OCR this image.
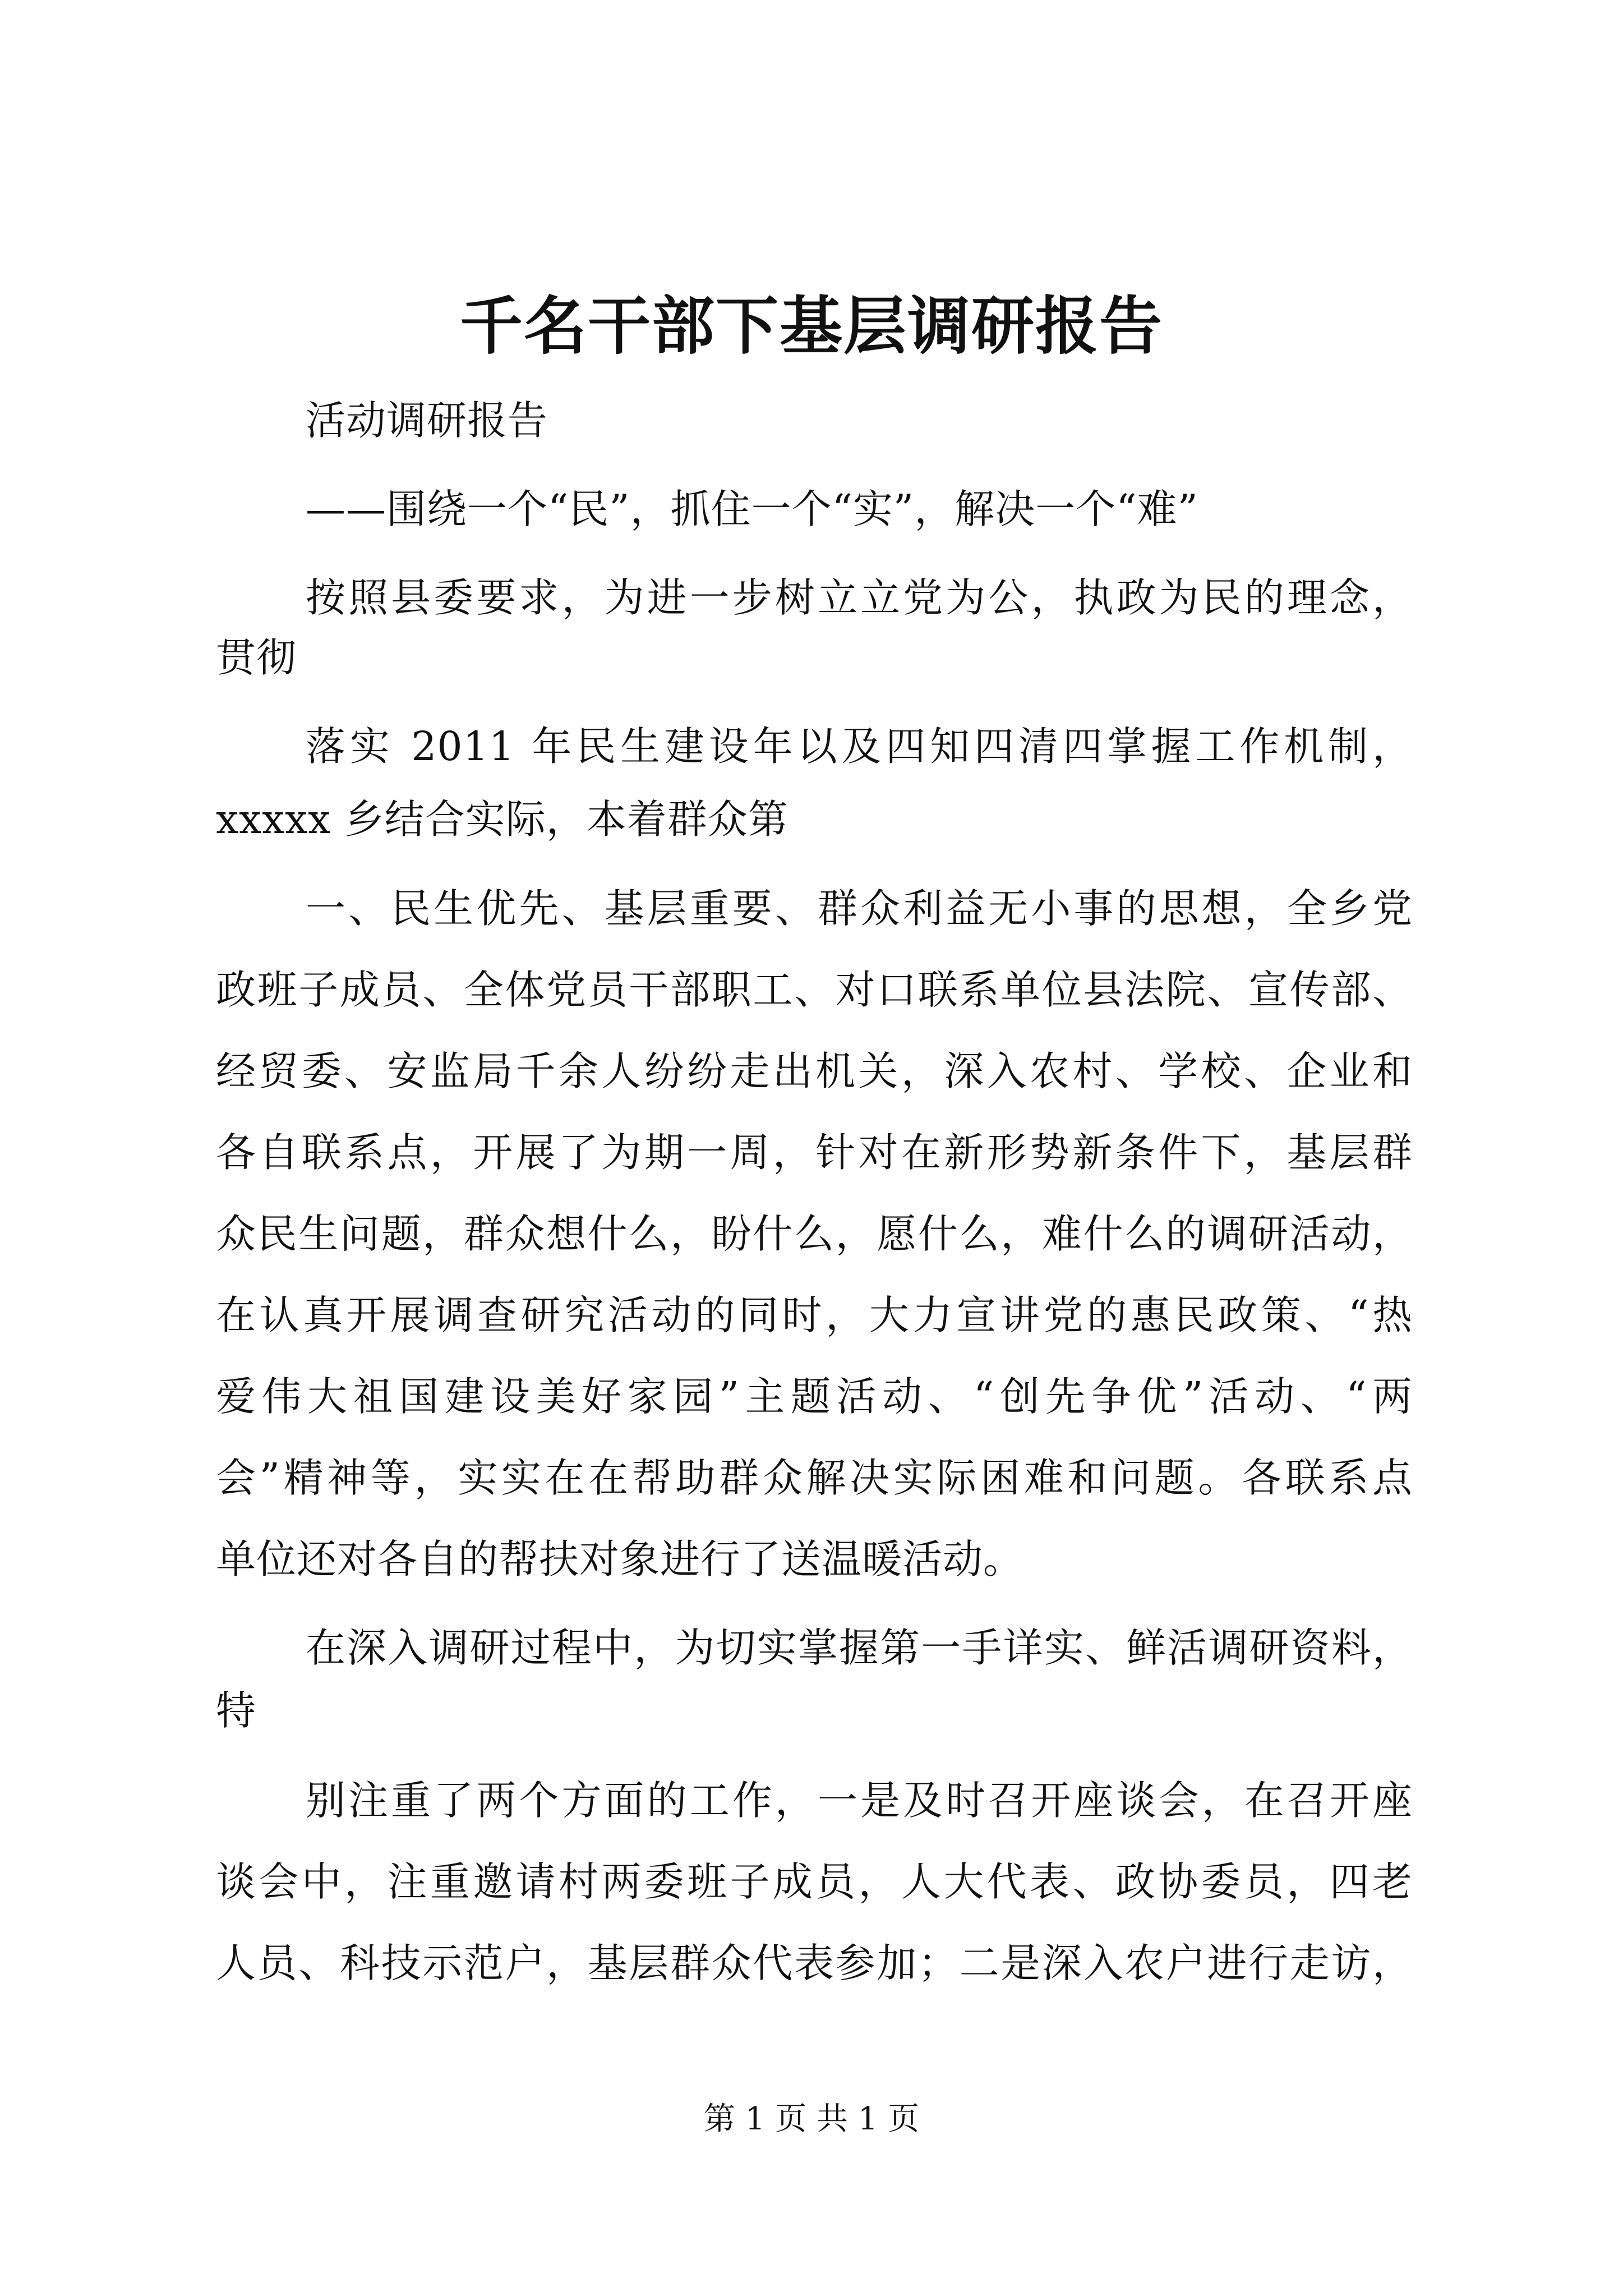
千名干部下基层调研报告
活动调研报告
——围绕一个“民”，抓住一个“实”，解决一个“难”
按照县委要求，为进一步树立立党为公，执政为民的理念，
贯彻
落实 2011 年民生建设年以及四知四清四掌握工作机制，
xxxxx 乡结合实际，本着群众第
一、民生优先、基层重要、群众利益无小事的思想，全乡党
政班子成员、全体党员干部职工、对口联系单位县法院、宣传部、
经贸委、安监局千余人纷纷走出机关，深入农村、学校、企业和
各自联系点，开展了为期一周，针对在新形势新条件下，基层群
众民生问题，群众想什么，盼什么，愿什么，难什么的调研活动，
在认真开展调查研究活动的同时，大力宣讲党的惠民政策、“热
爱伟大祖国建设美好家园”主题活动、“创先争优”活动、“两
会”精神等，实实在在帮助群众解决实际困难和问题。各联系点
单位还对各自的帮扶对象进行了送温暖活动。
在深入调研过程中，为切实掌握第一手详实、鲜活调研资料，
特
别注重了两个方面的工作，一是及时召开座谈会，在召开座
谈会中，注重邀请村两委班子成员，人大代表、政协委员，四老
人员、科技示范户，基层群众代表参加；二是深入农户进行走访，
第 1 页 共 1 页
